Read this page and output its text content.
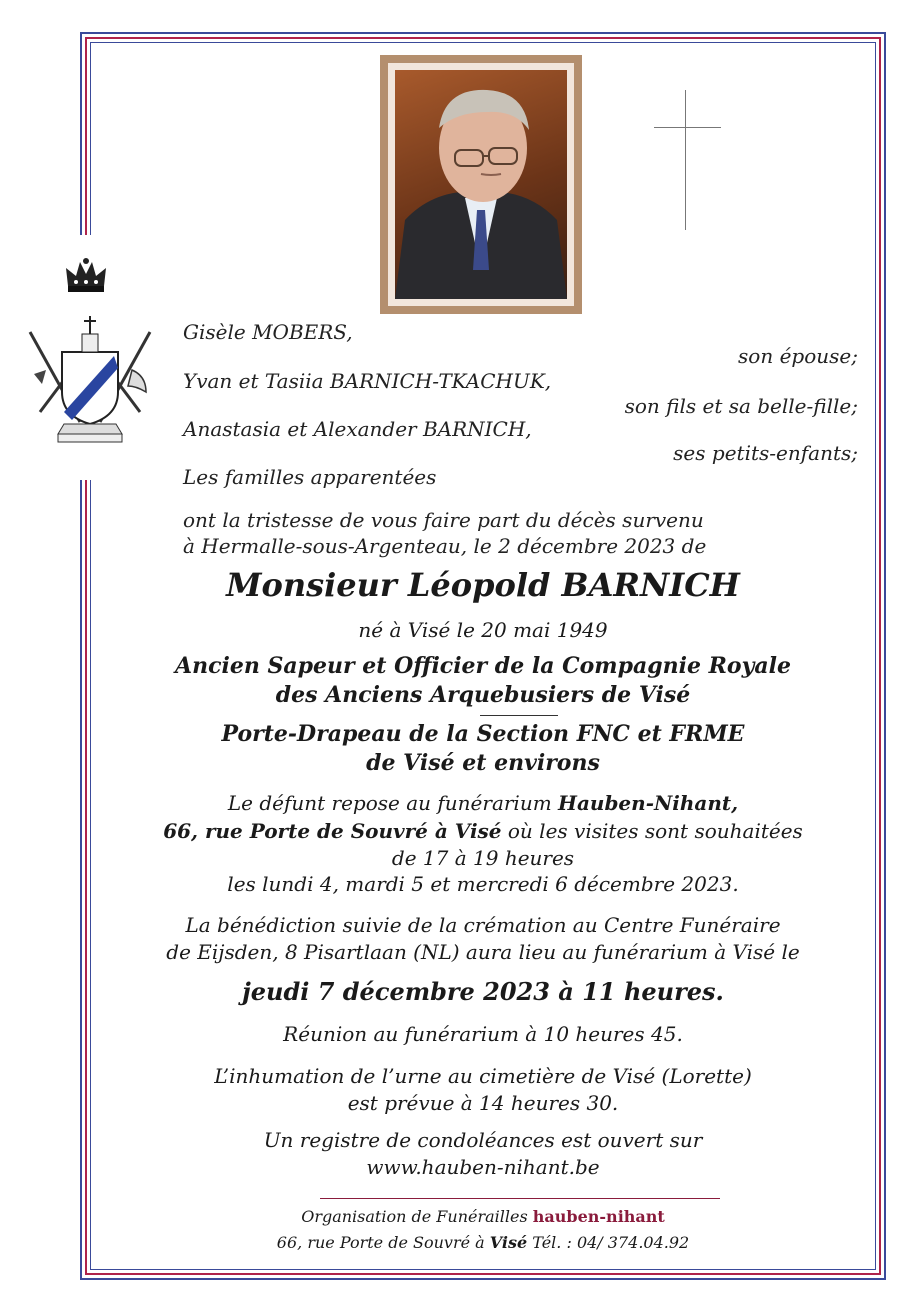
Gisèle MOBERS,
son épouse;
Yvan et Tasiia BARNICH-TKACHUK,
son fils et sa belle-fille;
Anastasia et Alexander BARNICH,
ses petits-enfants;
Les familles apparentées
ont la tristesse de vous faire part du décès survenu
à Hermalle-sous-Argenteau, le 2 décembre 2023 de
Monsieur Léopold BARNICH
né à Visé le 20 mai 1949
Ancien Sapeur et Officier de la Compagnie Royale
des Anciens Arquebusiers de Visé
Porte-Drapeau de la Section FNC et FRME
de Visé et environs
Le défunt repose au funérarium Hauben-Nihant,
66, rue Porte de Souvré à Visé où les visites sont souhaitées
de 17 à 19 heures
les lundi 4, mardi 5 et mercredi 6 décembre 2023.
La bénédiction suivie de la crémation au Centre Funéraire
de Eijsden, 8 Pisartlaan (NL) aura lieu au funérarium à Visé le
jeudi 7 décembre 2023 à 11 heures.
Réunion au funérarium à 10 heures 45.
L’inhumation de l’urne au cimetière de Visé (Lorette)
est prévue à 14 heures 30.
Un registre de condoléances est ouvert sur
www.hauben-nihant.be
Organisation de Funérailles hauben-nihant
66, rue Porte de Souvré à Visé Tél. : 04/ 374.04.92
